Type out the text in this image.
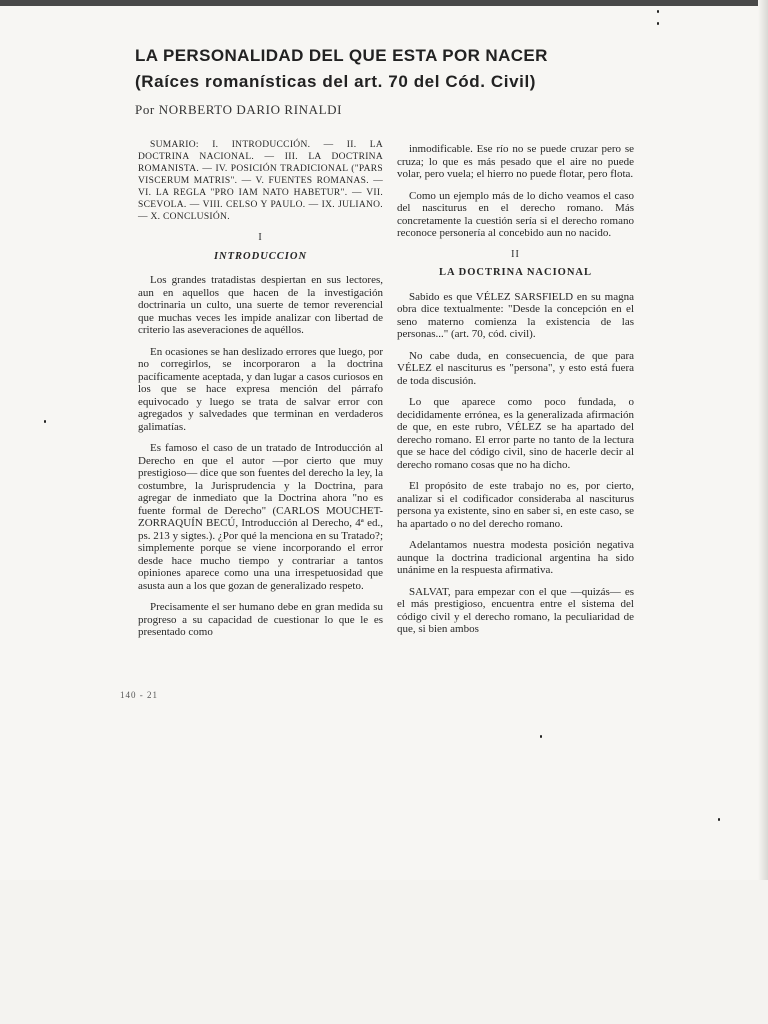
LA PERSONALIDAD DEL QUE ESTA POR NACER
(Raíces romanísticas del art. 70 del Cód. Civil)
Por NORBERTO DARIO RINALDI

SUMARIO: I. INTRODUCCIÓN. — II. LA DOCTRINA NACIONAL. — III. LA DOCTRINA ROMANISTA. — IV. POSICIÓN TRADICIONAL ("PARS VISCERUM MATRIS". — V. FUENTES ROMANAS. — VI. LA REGLA "PRO IAM NATO HABETUR". — VII. SCEVOLA. — VIII. CELSO Y PAULO. — IX. JULIANO. — X. CONCLUSIÓN.

I
INTRODUCCION

Los grandes tratadistas despiertan en sus lectores, aun en aquellos que hacen de la investigación doctrinaria un culto, una suerte de temor reverencial que muchas veces les impide analizar con libertad de criterio las aseveraciones de aquéllos.

En ocasiones se han deslizado errores que luego, por no corregirlos, se incorporaron a la doctrina pacíficamente aceptada, y dan lugar a casos curiosos en los que se hace expresa mención del párrafo equivocado y luego se trata de salvar error con agregados y salvedades que terminan en verdaderos galimatías.

Es famoso el caso de un tratado de Introducción al Derecho en que el autor —por cierto que muy prestigioso— dice que son fuentes del derecho la ley, la costumbre, la Jurisprudencia y la Doctrina, para agregar de inmediato que la Doctrina ahora "no es fuente formal de Derecho" (CARLOS MOUCHET-ZORRAQUÍN BECÚ, Introducción al Derecho, 4ª ed., ps. 213 y sigtes.). ¿Por qué la menciona en su Tratado?; simplemente porque se viene incorporando el error desde hace mucho tiempo y contrariar a tantos opiniones aparece como una una irrespetuosidad que asusta aun a los que gozan de generalizado respeto.

Precisamente el ser humano debe en gran medida su progreso a su capacidad de cuestionar lo que le es presentado como

inmodificable. Ese río no se puede cruzar pero se cruza; lo que es más pesado que el aire no puede volar, pero vuela; el hierro no puede flotar, pero flota.

Como un ejemplo más de lo dicho veamos el caso del nasciturus en el derecho romano. Más concretamente la cuestión sería si el derecho romano reconoce personería al concebido aun no nacido.

II
LA DOCTRINA NACIONAL

Sabido es que VÉLEZ SARSFIELD en su magna obra dice textualmente: "Desde la concepción en el seno materno comienza la existencia de las personas..." (art. 70, cód. civil).

No cabe duda, en consecuencia, de que para VÉLEZ el nasciturus es "persona", y esto está fuera de toda discusión.

Lo que aparece como poco fundada, o decididamente errónea, es la generalizada afirmación de que, en este rubro, VÉLEZ se ha apartado del derecho romano. El error parte no tanto de la lectura que se hace del código civil, sino de hacerle decir al derecho romano cosas que no ha dicho.

El propósito de este trabajo no es, por cierto, analizar si el codificador consideraba al nasciturus persona ya existente, sino en saber si, en este caso, se ha apartado o no del derecho romano.

Adelantamos nuestra modesta posición negativa aunque la doctrina tradicional argentina ha sido unánime en la respuesta afirmativa.

SALVAT, para empezar con el que —quizás— es el más prestigioso, encuentra entre el sistema del código civil y el derecho romano, la peculiaridad de que, si bien ambos

140 - 21
